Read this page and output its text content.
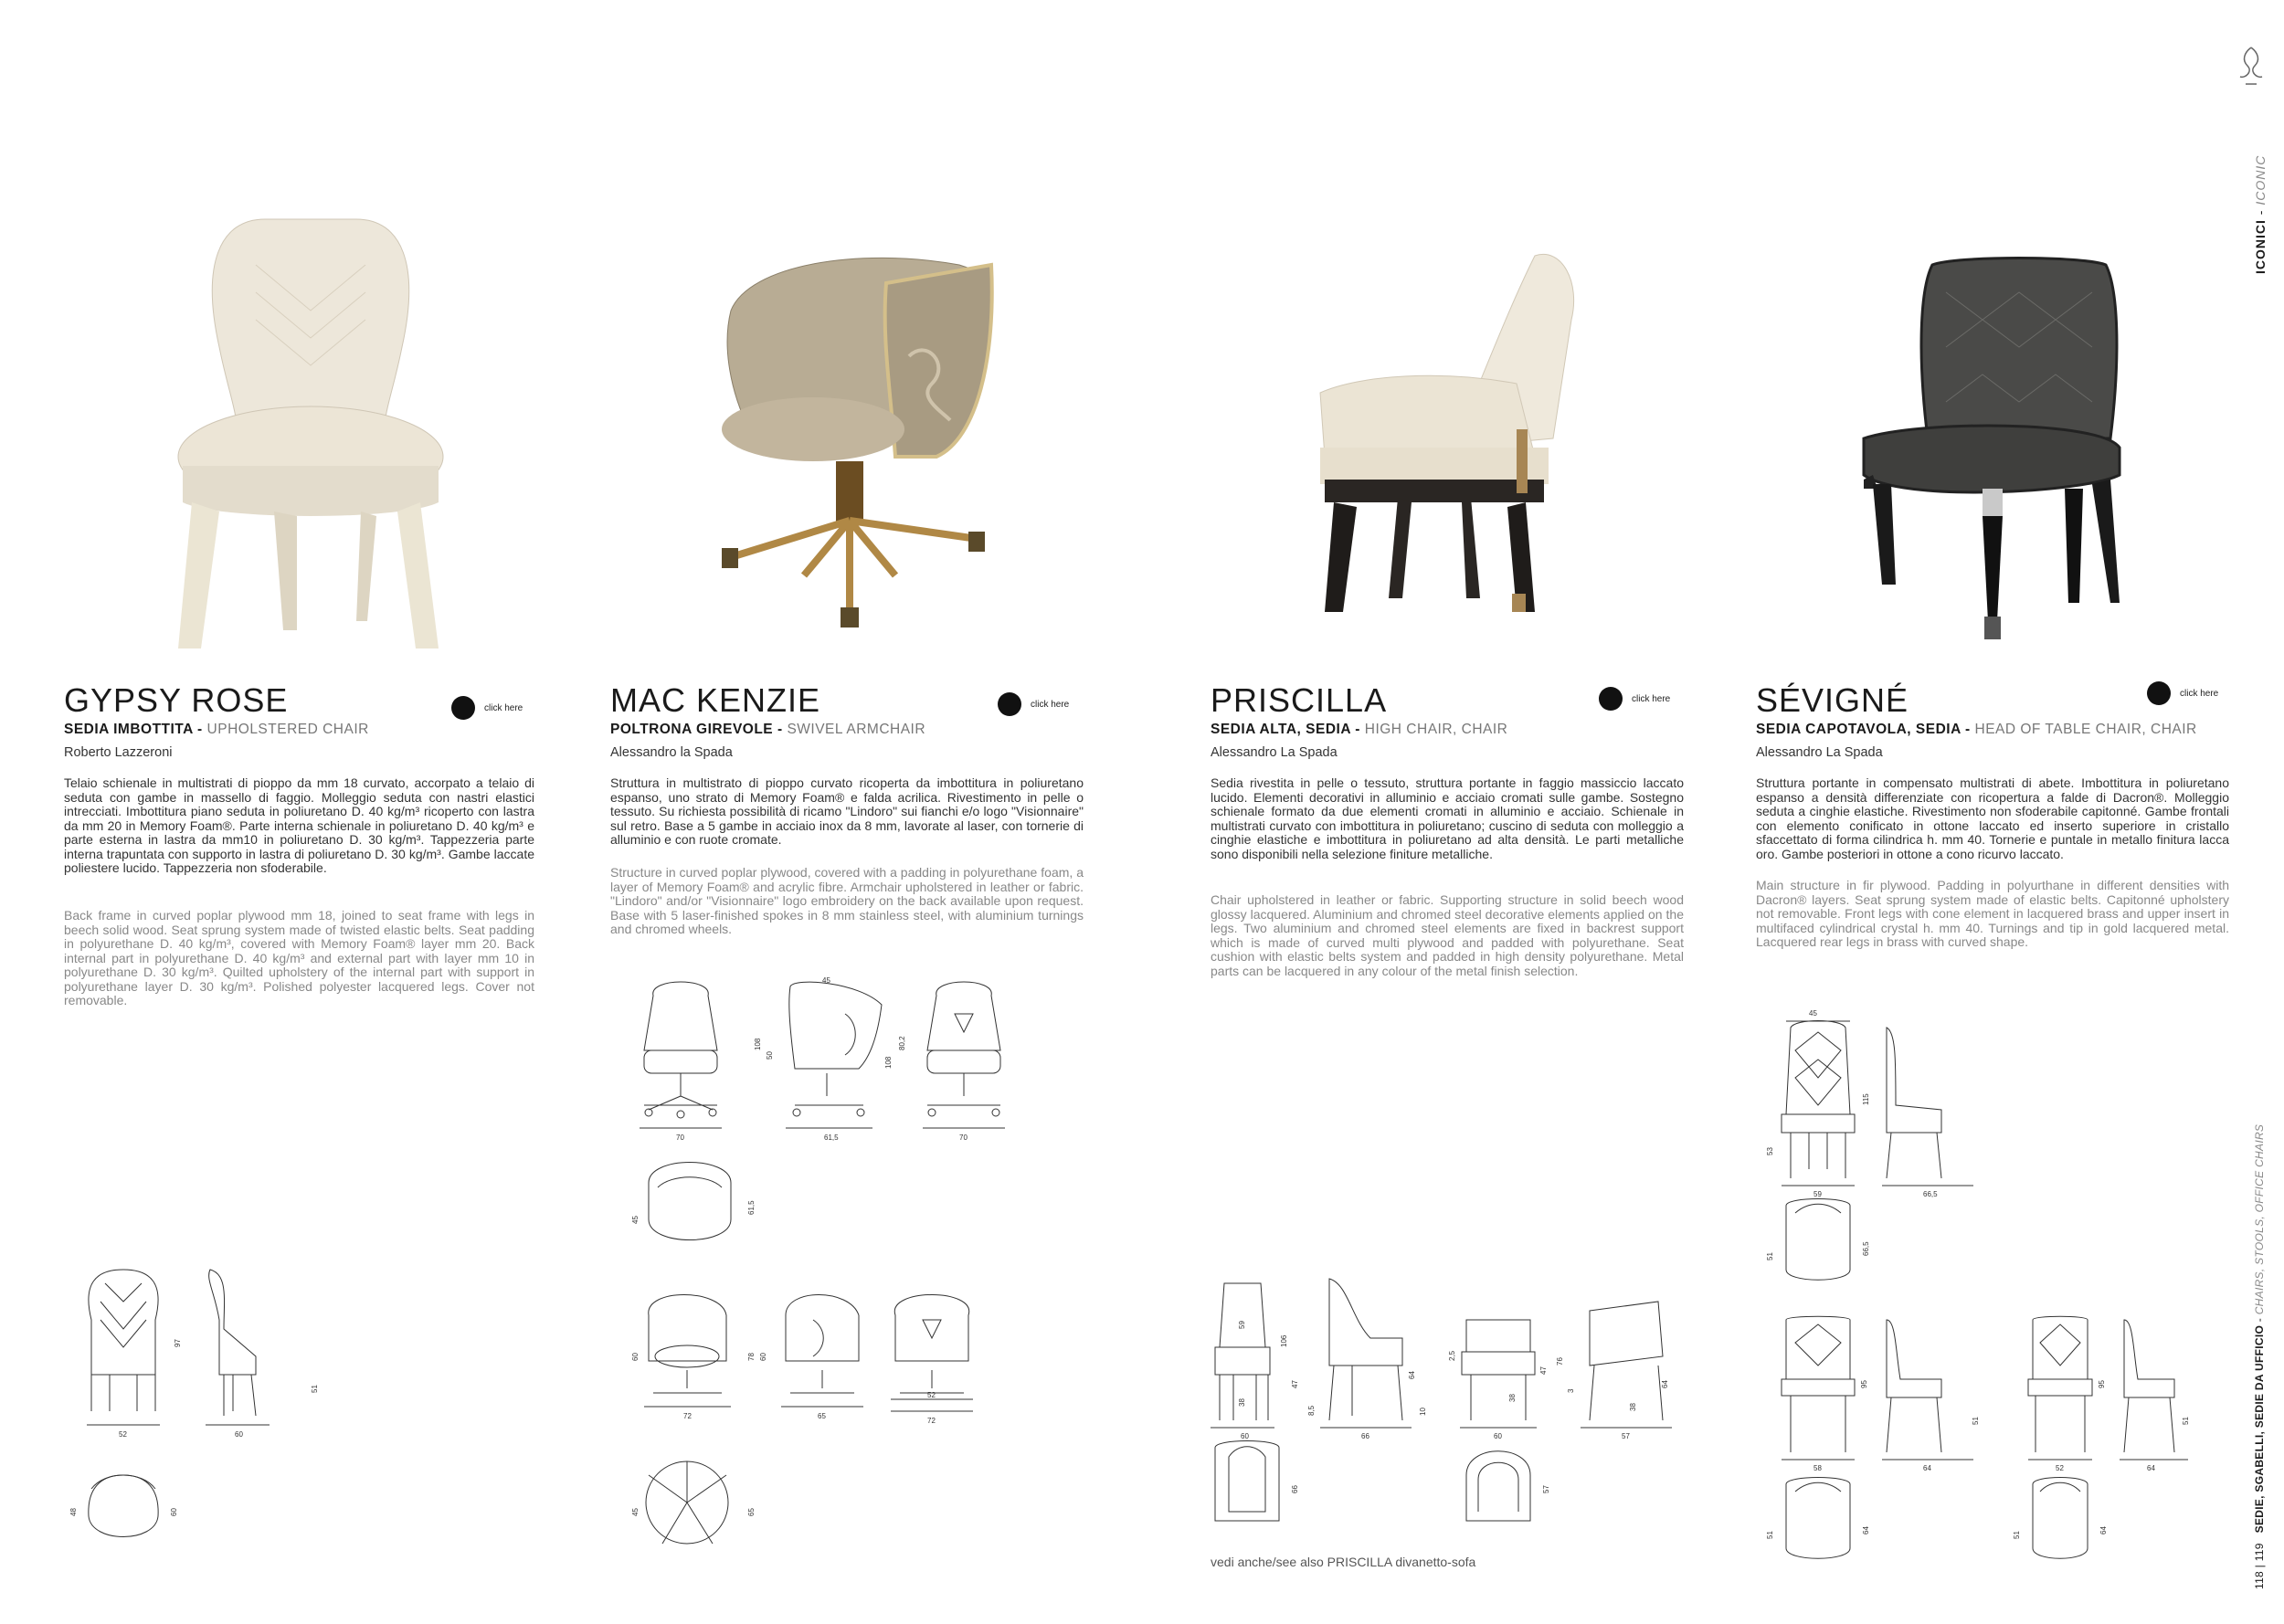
ICONICI - ICONIC
118 | 119   SEDIE, SGABELLI, SEDIE DA UFFICIO - CHAIRS, STOOLS, OFFICE CHAIRS
GYPSY ROSE	click here
SEDIA IMBOTTITA - UPHOLSTERED CHAIR
Roberto Lazzeroni
Telaio schienale in multistrati di pioppo da mm 18 curvato, accorpato a telaio di seduta con gambe in massello di faggio. Molleggio seduta con nastri elastici intrecciati. Imbottitura piano seduta in poliuretano D. 40 kg/m³ ricoperto con lastra da mm 20 in Memory Foam®. Parte interna schienale in poliuretano D. 40 kg/m³ e parte esterna in lastra da mm10 in poliuretano D. 30 kg/m³. Tappezzeria parte interna trapuntata con supporto in lastra di poliuretano D. 30 kg/m³. Gambe laccate poliestere lucido. Tappezzeria non sfoderabile.
Back frame in curved poplar plywood mm 18, joined to seat frame with legs in beech solid wood. Seat sprung system made of twisted elastic belts. Seat padding in polyurethane D. 40 kg/m³, covered with Memory Foam® layer mm 20. Back internal part in polyurethane D. 40 kg/m³ and external part with layer mm 10 in polyurethane D. 30 kg/m³. Quilted upholstery of the internal part with support in polyurethane layer D. 30 kg/m³. Polished polyester lacquered legs. Cover not removable.
52
97
60
51
48	60
MAC KENZIE	click here
POLTRONA GIREVOLE - SWIVEL ARMCHAIR
Alessandro la Spada
Struttura in multistrato di pioppo curvato ricoperta da imbottitura in poliuretano espanso, uno strato di Memory Foam® e falda acrilica. Rivestimento in pelle o tessuto. Su richiesta possibilità di ricamo "Lindoro" sui fianchi e/o logo "Visionnaire" sul retro. Base a 5 gambe in acciaio inox da 8 mm, lavorate al laser, con tornerie di alluminio e con ruote cromate.
Structure in curved poplar plywood, covered with a padding in polyurethane foam, a layer of Memory Foam® and acrylic fibre. Armchair upholstered in leather or fabric. "Lindoro" and/or "Visionnaire" logo embroidery on the back available upon request. Base with 5 laser-finished spokes in 8 mm stainless steel, with aluminium turnings and chromed wheels.
70
108
50
61,5
45
80,2
108
70
45
61,5
72
60	78 60
65
52
72
45	65
PRISCILLA	click here
SEDIA ALTA, SEDIA - HIGH CHAIR, CHAIR
Alessandro La Spada
Sedia rivestita in pelle o tessuto, struttura portante in faggio massiccio laccato lucido. Elementi decorativi in alluminio e acciaio cromati sulle gambe. Sostegno schienale formato da due elementi cromati in alluminio e acciaio. Schienale in multistrati curvato con imbottitura in poliuretano; cuscino di seduta con molleggio a cinghie elastiche e imbottitura in poliuretano ad alta densità. Le parti metalliche sono disponibili nella selezione finiture metalliche.
Chair upholstered in leather or fabric. Supporting structure in solid beech wood glossy lacquered. Aluminium and chromed steel decorative elements applied on the legs. Two aluminium and chromed steel elements are fixed in backrest support which is made of curved multi plywood and padded with polyurethane. Seat cushion with elastic belts system and padded in high density polyurethane. Metal parts can be lacquered in any colour of the metal finish selection.
60
59
38
106
47
66
8,5
64
10
60
2,5
38
47
76
57
3
38
64
66	57
vedi anche/see also PRISCILLA divanetto-sofa
SÉVIGNÉ	click here
SEDIA CAPOTAVOLA, SEDIA - HEAD OF TABLE CHAIR, CHAIR
Alessandro La Spada
Struttura portante in compensato multistrati di abete. Imbottitura in poliuretano espanso a densità differenziate con ricopertura a falde di Dacron®. Molleggio seduta a cinghie elastiche. Rivestimento non sfoderabile capitonné. Gambe frontali con elemento conificato in ottone laccato ed inserto superiore in cristallo sfaccettato di forma cilindrica h. mm 40. Tornerie e puntale in metallo finitura lacca oro. Gambe posteriori in ottone a cono ricurvo laccato.
Main structure in fir plywood. Padding in polyurthane in different densities with Dacron® layers. Seat sprung system made of elastic belts. Capitonné upholstery not removable. Front legs with cone element in lacquered brass and upper insert in multifaced cylindrical crystal h. mm 40. Turnings and tip in gold lacquered metal. Lacquered rear legs in brass with curved shape.
45
59
53
66,5
115
51
66,5
58
95
64
51
52
95
64
51
51
64
51
64
